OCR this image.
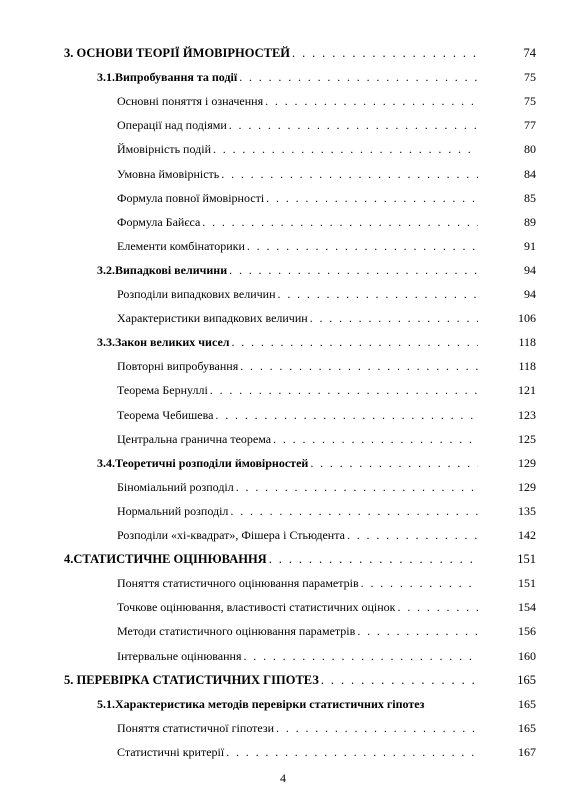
3. ОСНОВИ ТЕОРІЇ ЙМОВІРНОСТЕЙ . . .	74
3.1.Випробування та події . . .	75
Основні поняття і означення . . .	75
Операції над подіями . . .	77
Ймовірність подій . . .	80
Умовна ймовірність . . .	84
Формула повної ймовірності . . .	85
Формула Байєса . . .	89
Елементи комбінаторики . . .	91
3.2.Випадкові величини . . .	94
Розподіли випадкових величин . . .	94
Характеристики випадкових величин . . .	106
3.3.Закон великих чисел . . .	118
Повторні випробування . . .	118
Теорема Бернуллі . . .	121
Теорема Чебишева . . .	123
Центральна гранична теорема . . .	125
3.4.Теоретичні розподіли ймовірностей . . .	129
Біноміальний розподіл . . .	129
Нормальний розподіл . . .	135
Розподіли «хі-квадрат», Фішера і Стьюдента . . .	142
4.СТАТИСТИЧНЕ ОЦІНЮВАННЯ . . .	151
Поняття статистичного оцінювання параметрів . . .	151
Точкове оцінювання, властивості статистичних оцінок . . .	154
Методи статистичного оцінювання параметрів . . .	156
Інтервальне оцінювання . . .	160
5. ПЕРЕВІРКА СТАТИСТИЧНИХ ГІПОТЕЗ . . .	165
5.1.Характеристика методів перевірки статистичних гіпотез	165
Поняття статистичної гіпотези . . .	165
Статистичні критерії . . .	167
4
